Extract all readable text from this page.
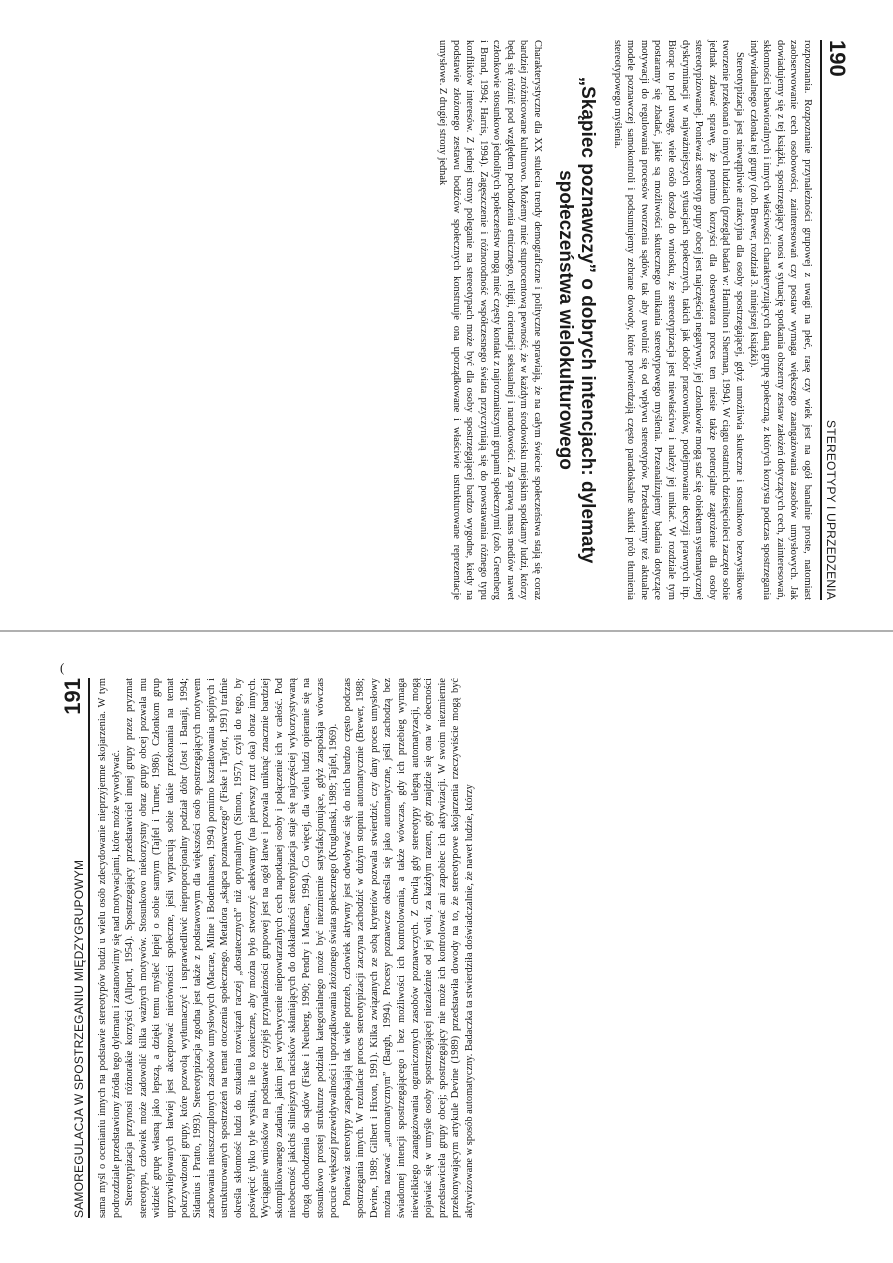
190
STEREOTYPY I UPRZEDZENIA

rozpoznania. Rozpoznanie przynależności grupowej z uwagi na płeć, rasę czy wiek jest na ogół banalnie proste, natomiast zaobserwowanie cech osobowości, zainteresowań czy postaw wymaga większego zaangażowania zasobów umysłowych. Jak dowiadujemy się z tej książki, spostrzegający wnosi w sytuację spotkania obszerny zestaw założeń dotyczących cech, zainteresowań, skłonności behawioralnych i innych właściwości charakteryzujących daną grupę społeczną, z których korzysta podczas spostrzegania indywidualnego członka tej grupy (zob. Brewer, rozdział 3. niniejszej książki).

Stereotypizacja jest niewątpliwie atrakcyjna dla osoby spostrzegającej, gdyż umożliwia skuteczne i stosunkowo bezwysiłkowe tworzenie przekonań o innych ludziach (przegląd badań w: Hamilton i Sherman, 1994). W ciągu ostatnich dziesięcioleci zaczęto sobie jednak zdawać sprawę, że pomimo korzyści dla obserwatora proces ten niesie także potencjalne zagrożenie dla osoby stereotypizowanej. Ponieważ stereotyp grupy obcej jest najczęściej negatywny, jej członkowie mogą stać się obiektem systematycznej dyskryminacji w najważniejszych sytuacjach społecznych, takich jak dobór pracowników, podejmowanie decyzji prawnych itp. Biorąc to pod uwagę, wiele osób doszło do wniosku, że stereotypizacja jest niewłaściwa i należy jej unikać. W rozdziale tym postaramy się zbadać, jakie są możliwości skutecznego unikania stereotypowego myślenia. Przeanalizujemy badania dotyczące motywacji do regulowania procesów tworzenia sądów, tak aby uwolnić się od wpływu stereotypów. Przedstawimy też aktualne modele poznawczej samokontroli i podsumujemy zebrane dowody, które potwierdzają często paradoksalne skutki prób tłumienia stereotypowego myślenia.

„Skąpiec poznawczy” o dobrych intencjach: dylematy społeczeństwa wielokulturowego

Charakterystyczne dla XX stulecia trendy demograficzne i polityczne sprawiają, że na całym świecie społeczeństwa stają się coraz bardziej zróżnicowane kulturowo. Możemy mieć stuprocentową pewność, że w każdym środowisku miejskim spotkamy ludzi, którzy będą się różnić pod względem pochodzenia etnicznego, religii, orientacji seksualnej i narodowości. Za sprawą mass mediów nawet członkowie stosunkowo jednolitych społeczeństw mogą mieć częsty kontakt z najrozmaitszymi grupami społecznymi (zob. Greenberg i Brand, 1994; Harris, 1994). Zagęszczenie i różnorodność współczesnego świata przyczyniają się do powstawania różnego typu konfliktów interesów. Z jednej strony poleganie na stereotypach może być dla osoby spostrzegającej bardzo wygodne, kiedy na podstawie złożonego zestawu bodźców społecznych konstruuje ona uporządkowane i właściwie ustrukturowane reprezentacje umysłowe. Z drugiej strony jednak

(
SAMOREGULACJA W SPOSTRZEGANIU MIĘDZYGRUPOWYM
191 sama myśl o ocenianiu innych na podstawie stereotypów budzi u wielu osób zdecydowanie nieprzyjemne skojarzenia. W tym podrozdziale przedstawiony źródła tego dylematu i zastanowimy się nad motywacjami, które może wywoływać. Stereotypizacja przynosi różnorakie korzyści (Allport, 1954). Spostrzegający przedstawiciel innej grupy przez pryzmat stereotypu, człowiek może zadowolić kilka ważnych motywów. Stosunkowo niekorzystny obraz grupy obcej pozwala mu widzieć grupę własną jako lepszą, a dzięki temu myśleć lepiej o sobie samym (Tajfel i Turner, 1986). Członkom grup uprzywilejowanych łatwiej jest akceptować nierówności społeczne, jeśli wypracują sobie takie przekonania na temat pokrzywdzonej grupy, które pozwolą wytłumaczyć i usprawiedliwić nieproporcjonalny podział dóbr (Jost i Banaji, 1994; Sidanius i Pratto, 1993). Stereotypizacja zgodna jest także z podstawowym dla większości osób spostrzegających motywem zachowania nieuszczuplonych zasobów umysłowych (Macrae, Milne i Bodenhausen, 1994) pomimo kształtowania spójnych i ustrukturowanych spostrzeżeń na temat otoczenia społecznego. Metafora „skąpca poznawczego” (Fiske i Taylor, 1991) trafnie określa skłonność ludzi do szukania rozwiązań raczej „dostatecznych” niż optymalnych (Simon, 1957), czyli do tego, by poświęcić tylko tyle wysiłku, ile to konieczne, aby można było stworzyć adekwatny (na pierwszy rzut oka) obraz innych. Wyciąganie wniosków na podstawie czyjejś przynależności grupowej jest na ogół łatwe i pozwala uniknąć znacznie bardziej skomplikowanego zadania, jakim jest wychwycenie niepowtarzalnych cech napotkanej osoby i połączenie ich w całość. Pod nieobecność jakichś silniejszych nacisków skłaniających do dokładności stereotypizacja staje się najczęściej wykorzystywaną drogą dochodzenia do sądów (Fiske i Neuberg, 1990; Pendry i Macrae, 1994). Co więcej, dla wielu ludzi opieranie się na stosunkowo prostej strukturze podziału kategorialnego może być niezmiernie satysfakcjonujące, gdyż zaspokaja wówczas pocucie większej przewidywalności i uporządkowania złożonego świata społecznego (Kruglanski, 1989; Tajfel, 1969). Ponieważ stereotypy zaspokajają tak wiele potrzeb, człowiek aktywny jest odwoływać się do nich bardzo często podczas spostrzegania innych. W rezultacie proces stereotypizacji zaczyna zachodzić w dużym stopniu automatycznie (Brewer, 1988; Devine, 1989; Gilbert i Hixon, 1991). Kilka związanych ze sobą kryteriów pozwala stwierdzić, czy dany proces umysłowy można nazwać „automatycznym” (Bargh, 1994). Procesy poznawcze określa się jako automatyczne, jeśli zachodzą bez świadomej intencji spostrzegającego i bez możliwości ich kontrolowania, a także wówczas, gdy ich przebieg wymaga niewielkiego zaangażowania ograniczonych zasobów poznawczych. Z chwilą gdy stereotypy ulegną automatyzacji, mogą pojawiać się w umyśle osoby spostrzegającej niezależnie od jej woli, za każdym razem, gdy znajdzie się ona w obecności przedstawiciela grupy obcej; spostrzegający nie może ich kontrolować ani zapobiec ich aktywizacji. W swoim niezmiernie przekonywającym artykule Devine (1989) przedstawiła dowody na to, że stereotypowe skojarzenia rzeczywiście mogą być aktywizowane w sposób automatyczny. Badaczka ta stwierdziła doświadczalnie, że nawet ludzie, którzy
